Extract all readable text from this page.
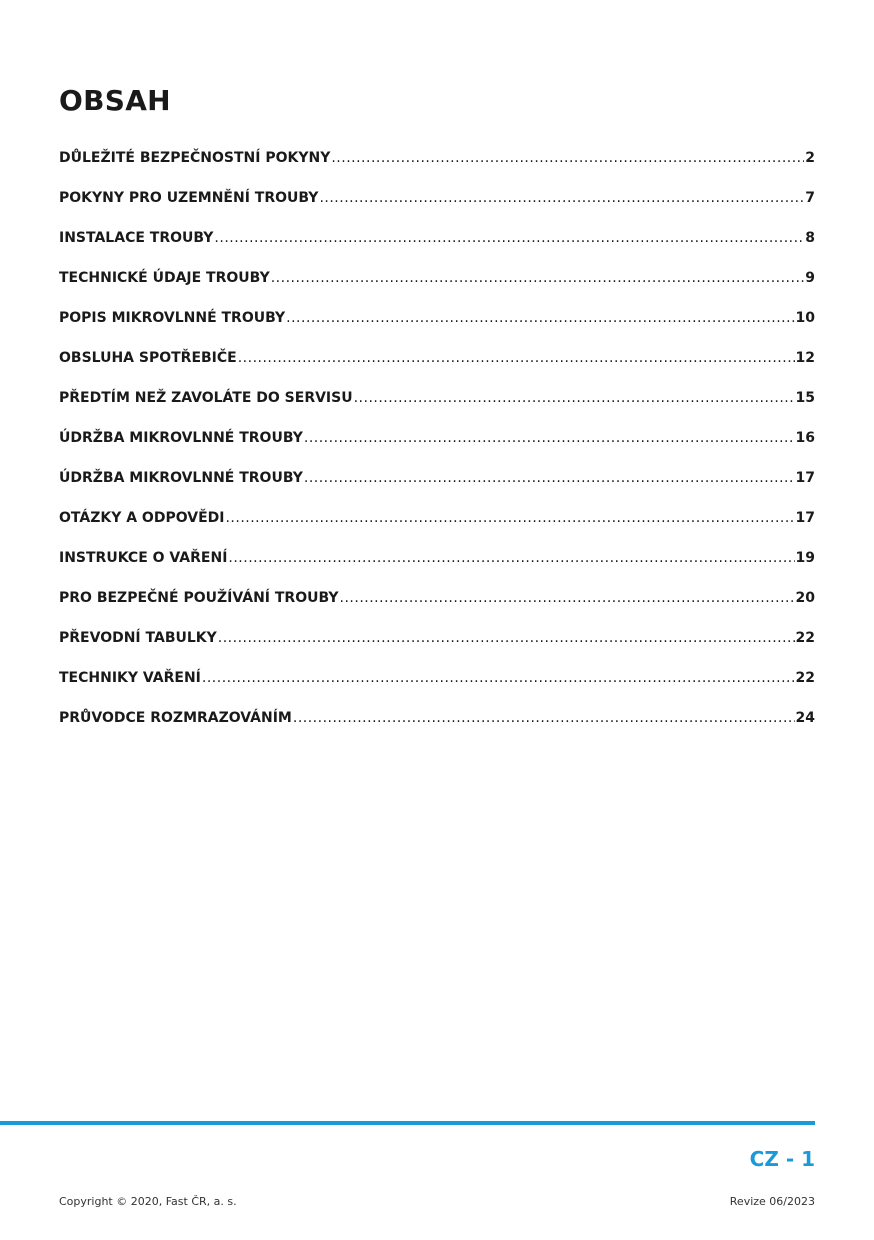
OBSAH
DŮLEŽITÉ BEZPEČNOSTNÍ POKYNY .....	2
POKYNY PRO UZEMNĚNÍ TROUBY .....	7
INSTALACE TROUBY .....	8
TECHNICKÉ ÚDAJE TROUBY .....	9
POPIS MIKROVLNNÉ TROUBY .....	10
OBSLUHA SPOTŘEBIČE .....	12
PŘEDTÍM NEŽ ZAVOLÁTE DO SERVISU .....	15
ÚDRŽBA MIKROVLNNÉ TROUBY .....	16
ÚDRŽBA MIKROVLNNÉ TROUBY .....	17
OTÁZKY A ODPOVĚDI .....	17
INSTRUKCE O VAŘENÍ .....	19
PRO BEZPEČNÉ POUŽÍVÁNÍ TROUBY .....	20
PŘEVODNÍ TABULKY .....	22
TECHNIKY VAŘENÍ .....	22
PRŮVODCE ROZMRAZOVÁNÍM .....	24
CZ - 1
Copyright © 2020, Fast ČR, a. s.	Revize 06/2023
